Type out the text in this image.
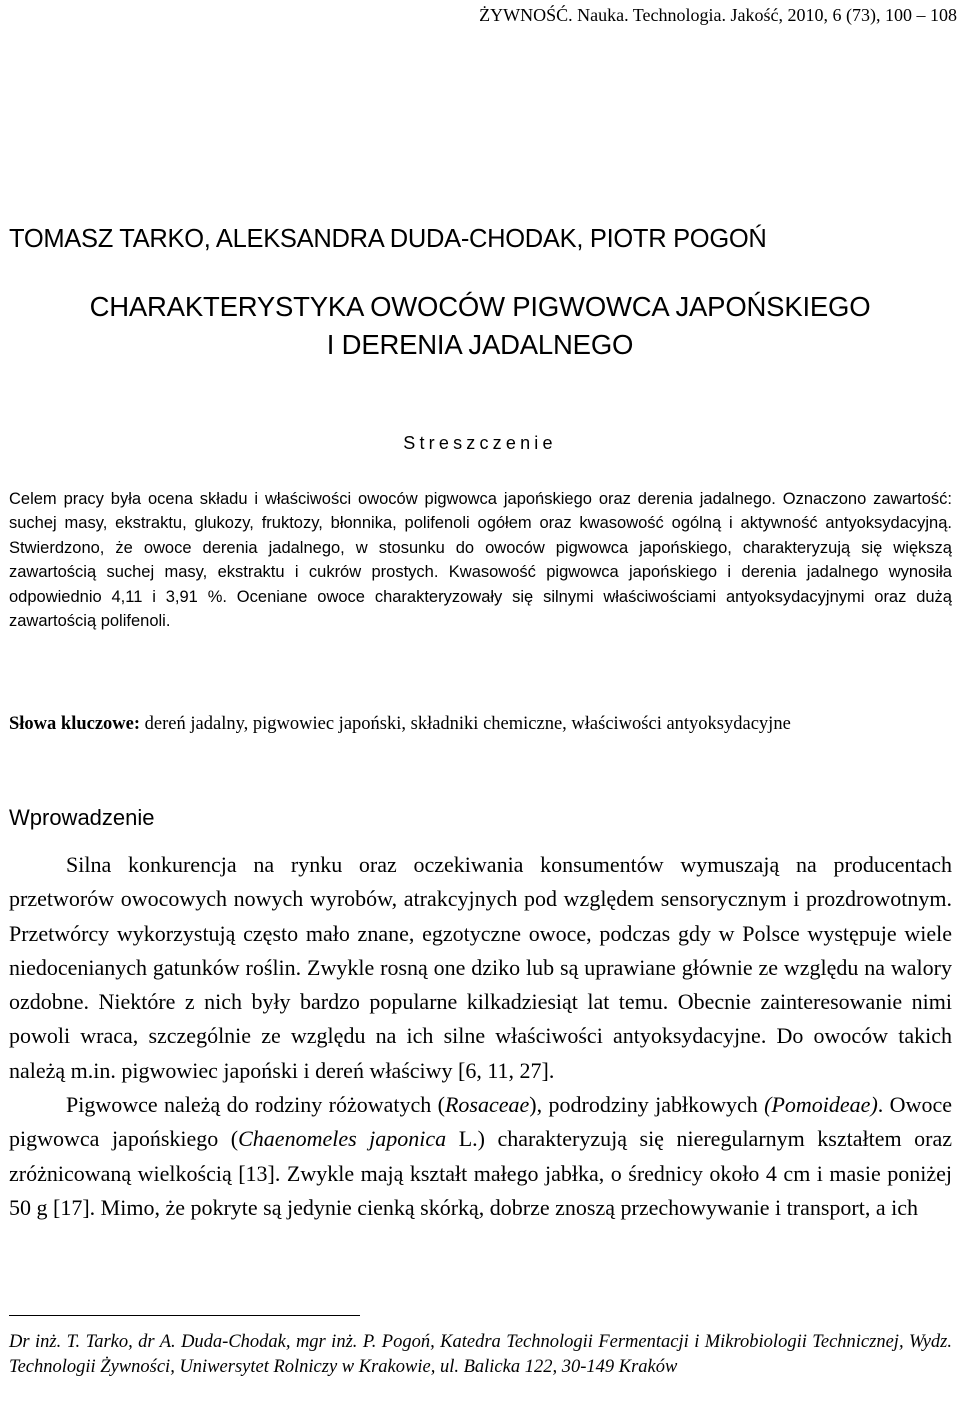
ŻYWNOŚĆ. Nauka. Technologia. Jakość, 2010, 6 (73), 100 – 108
TOMASZ TARKO, ALEKSANDRA DUDA-CHODAK, PIOTR POGOŃ
CHARAKTERYSTYKA OWOCÓW PIGWOWCA JAPOŃSKIEGO
I DERENIA JADALNEGO
Streszczenie

Celem pracy była ocena składu i właściwości owoców pigwowca japońskiego oraz derenia jadalnego. Oznaczono zawartość: suchej masy, ekstraktu, glukozy, fruktozy, błonnika, polifenoli ogółem oraz kwasowość ogólną i aktywność antyoksydacyjną. Stwierdzono, że owoce derenia jadalnego, w stosunku do owoców pigwowca japońskiego, charakteryzują się większą zawartością suchej masy, ekstraktu i cukrów prostych. Kwasowość pigwowca japońskiego i derenia jadalnego wynosiła odpowiednio 4,11 i 3,91 %. Oceniane owoce charakteryzowały się silnymi właściwościami antyoksydacyjnymi oraz dużą zawartością polifenoli.

Słowa kluczowe: dereń jadalny, pigwowiec japoński, składniki chemiczne, właściwości antyoksydacyjne
Wprowadzenie

Silna konkurencja na rynku oraz oczekiwania konsumentów wymuszają na producentach przetworów owocowych nowych wyrobów, atrakcyjnych pod względem sensorycznym i prozdrowotnym. Przetwórcy wykorzystują często mało znane, egzotyczne owoce, podczas gdy w Polsce występuje wiele niedocenianych gatunków roślin. Zwykle rosną one dziko lub są uprawiane głównie ze względu na walory ozdobne. Niektóre z nich były bardzo popularne kilkadziesiąt lat temu. Obecnie zainteresowanie nimi powoli wraca, szczególnie ze względu na ich silne właściwości antyoksydacyjne. Do owoców takich należą m.in. pigwowiec japoński i dereń właściwy [6, 11, 27].

Pigwowce należą do rodziny różowatych (Rosaceae), podrodziny jabłkowych (Pomoideae). Owoce pigwowca japońskiego (Chaenomeles japonica L.) charakteryzują się nieregularnym kształtem oraz zróżnicowaną wielkością [13]. Zwykle mają kształt małego jabłka, o średnicy około 4 cm i masie poniżej 50 g [17]. Mimo, że pokryte są jedynie cienką skórką, dobrze znoszą przechowywanie i transport, a ich

Dr inż. T. Tarko, dr A. Duda-Chodak, mgr inż. P. Pogoń, Katedra Technologii Fermentacji i Mikrobiologii Technicznej, Wydz. Technologii Żywności, Uniwersytet Rolniczy w Krakowie, ul. Balicka 122, 30-149 Kraków
